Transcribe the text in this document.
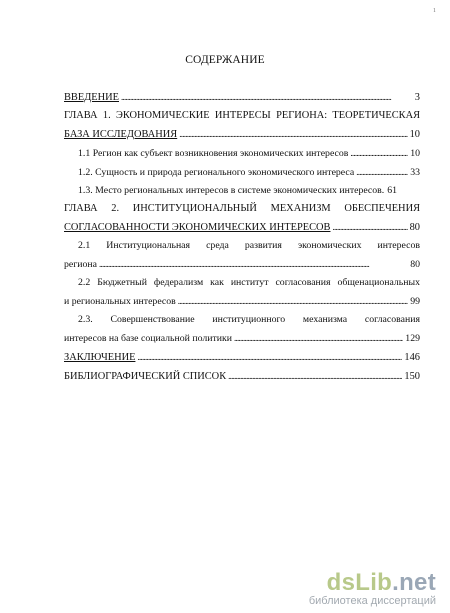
1
СОДЕРЖАНИЕ
ВВЕДЕНИЕ . . .	3
ГЛАВА 1. ЭКОНОМИЧЕСКИЕ ИНТЕРЕСЫ РЕГИОНА: ТЕОРЕТИЧЕСКАЯ
БАЗА ИССЛЕДОВАНИЯ . . .	10
1.1 Регион как субъект возникновения экономических интересов . . .	10
1.2. Сущность и природа регионального экономического интереса . . .	33
1.3. Место региональных интересов в системе экономических интересов. 61
ГЛАВА 2. ИНСТИТУЦИОНАЛЬНЫЙ МЕХАНИЗМ ОБЕСПЕЧЕНИЯ
СОГЛАСОВАННОСТИ ЭКОНОМИЧЕСКИХ ИНТЕРЕСОВ . . .	80
2.1 Институциональная среда развития экономических интересов
региона . . .	80
2.2 Бюджетный федерализм как институт согласования общенациональных
и региональных интересов . . .	99
2.3. Совершенствование институционного механизма согласования
интересов на базе социальной политики . . .	129
ЗАКЛЮЧЕНИЕ . . .	146
БИБЛИОГРАФИЧЕСКИЙ СПИСОК . . .	150
dsLib.net
библиотека диссертаций
